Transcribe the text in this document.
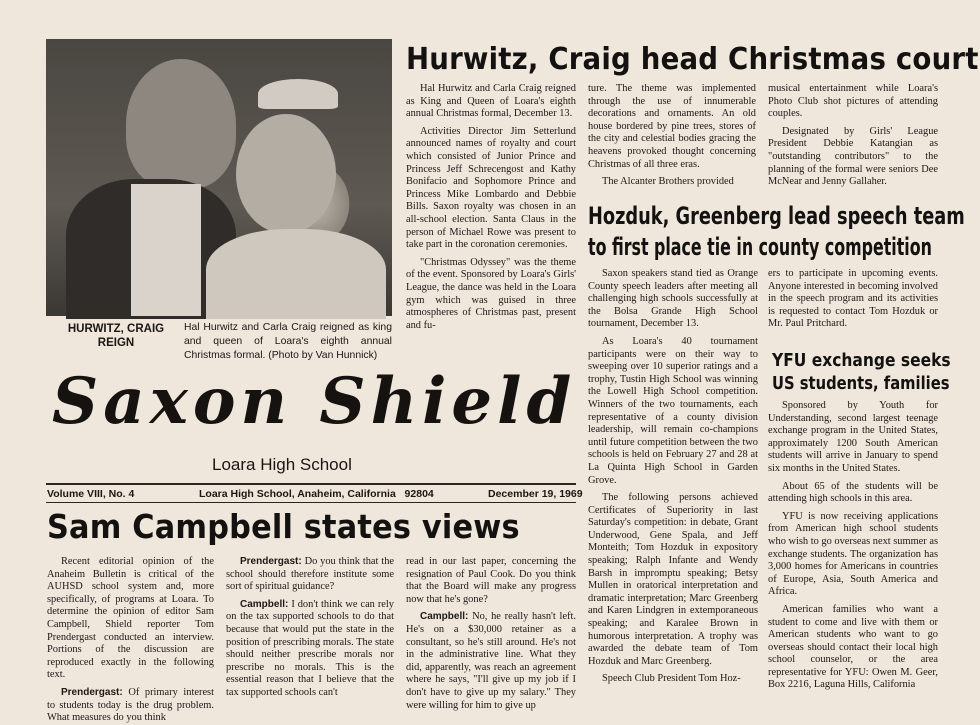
HURWITZ, CRAIG REIGN
Hal Hurwitz and Carla Craig reigned as king and queen of Loara's eighth annual Christmas formal. (Photo by Van Hunnick)
Saxon Shield
Loara High School
Volume VIII, No. 4	Loara High School, Anaheim, California   92804	December 19, 1969
Hurwitz, Craig head Christmas court

Hal Hurwitz and Carla Craig reigned as King and Queen of Loara's eighth annual Christmas formal, December 13.

Activities Director Jim Setterlund announced names of royalty and court which consisted of Junior Prince and Princess Jeff Schrecengost and Kathy Bonifacio and Sophomore Prince and Princess Mike Lombardo and Debbie Bills. Saxon royalty was chosen in an all-school election. Santa Claus in the person of Michael Rowe was present to take part in the coronation ceremonies.

"Christmas Odyssey" was the theme of the event. Sponsored by Loara's Girls' League, the dance was held in the Loara gym which was guised in three atmospheres of Christmas past, present and fu-

ture. The theme was implemented through the use of innumerable decorations and ornaments. An old house bordered by pine trees, stores of the city and celestial bodies gracing the heavens provoked thought concerning Christmas of all three eras.

The Alcanter Brothers provided

musical entertainment while Loara's Photo Club shot pictures of attending couples.

Designated by Girls' League President Debbie Katangian as "outstanding contributors" to the planning of the formal were seniors Dee McNear and Jenny Gallaher.

Hozduk, Greenberg lead speech team
to first place tie in county competition

Saxon speakers stand tied as Orange County speech leaders after meeting all challenging high schools successfully at the Bolsa Grande High School tournament, December 13.

As Loara's 40 tournament participants were on their way to sweeping over 10 superior ratings and a trophy, Tustin High School was winning the Lowell High School competition. Winners of the two tournaments, each representative of a county division leadership, will remain co-champions until future competition between the two schools is held on February 27 and 28 at La Quinta High School in Garden Grove.

The following persons achieved Certificates of Superiority in last Saturday's competition: in debate, Grant Underwood, Gene Spala, and Jeff Monteith; Tom Hozduk in expository speaking; Ralph Infante and Wendy Barsh in impromptu speaking; Betsy Mullen in oratorical interpretation and dramatic interpretation; Marc Greenberg and Karen Lindgren in extemporaneous speaking; and Karalee Brown in humorous interpretation. A trophy was awarded the debate team of Tom Hozduk and Marc Greenberg.

Speech Club President Tom Hoz-

ers to participate in upcoming events. Anyone interested in becoming involved in the speech program and its activities is requested to contact Tom Hozduk or Mr. Paul Pritchard.

YFU exchange seeks
US students, families

Sponsored by Youth for Understanding, second largest teenage exchange program in the United States, approximately 1200 South American students will arrive in January to spend six months in the United States.

About 65 of the students will be attending high schools in this area.

YFU is now receiving applications from American high school students who wish to go overseas next summer as exchange students. The organization has 3,000 homes for Americans in countries of Europe, Asia, South America and Africa.

American families who want a student to come and live with them or American students who want to go overseas should contact their local high school counselor, or the area representative for YFU: Owen M. Geer, Box 2216, Laguna Hills, California

Sam Campbell states views

Recent editorial opinion of the Anaheim Bulletin is critical of the AUHSD school system and, more specifically, of programs at Loara. To determine the opinion of editor Sam Campbell, Shield reporter Tom Prendergast conducted an interview. Portions of the discussion are reproduced exactly in the following text.

Prendergast: Of primary interest to students today is the drug problem. What measures do you think

Prendergast: Do you think that the school should therefore institute some sort of spiritual guidance?

Campbell: I don't think we can rely on the tax supported schools to do that because that would put the state in the position of prescribing morals. The state should neither prescribe morals nor prescribe no morals. This is the essential reason that I believe that the tax supported schools can't

read in our last paper, concerning the resignation of Paul Cook. Do you think that the Board will make any progress now that he's gone?

Campbell: No, he really hasn't left. He's on a $30,000 retainer as a consultant, so he's still around. He's not in the administrative line. What they did, apparently, was reach an agreement where he says, "I'll give up my job if I don't have to give up my salary." They were willing for him to give up
